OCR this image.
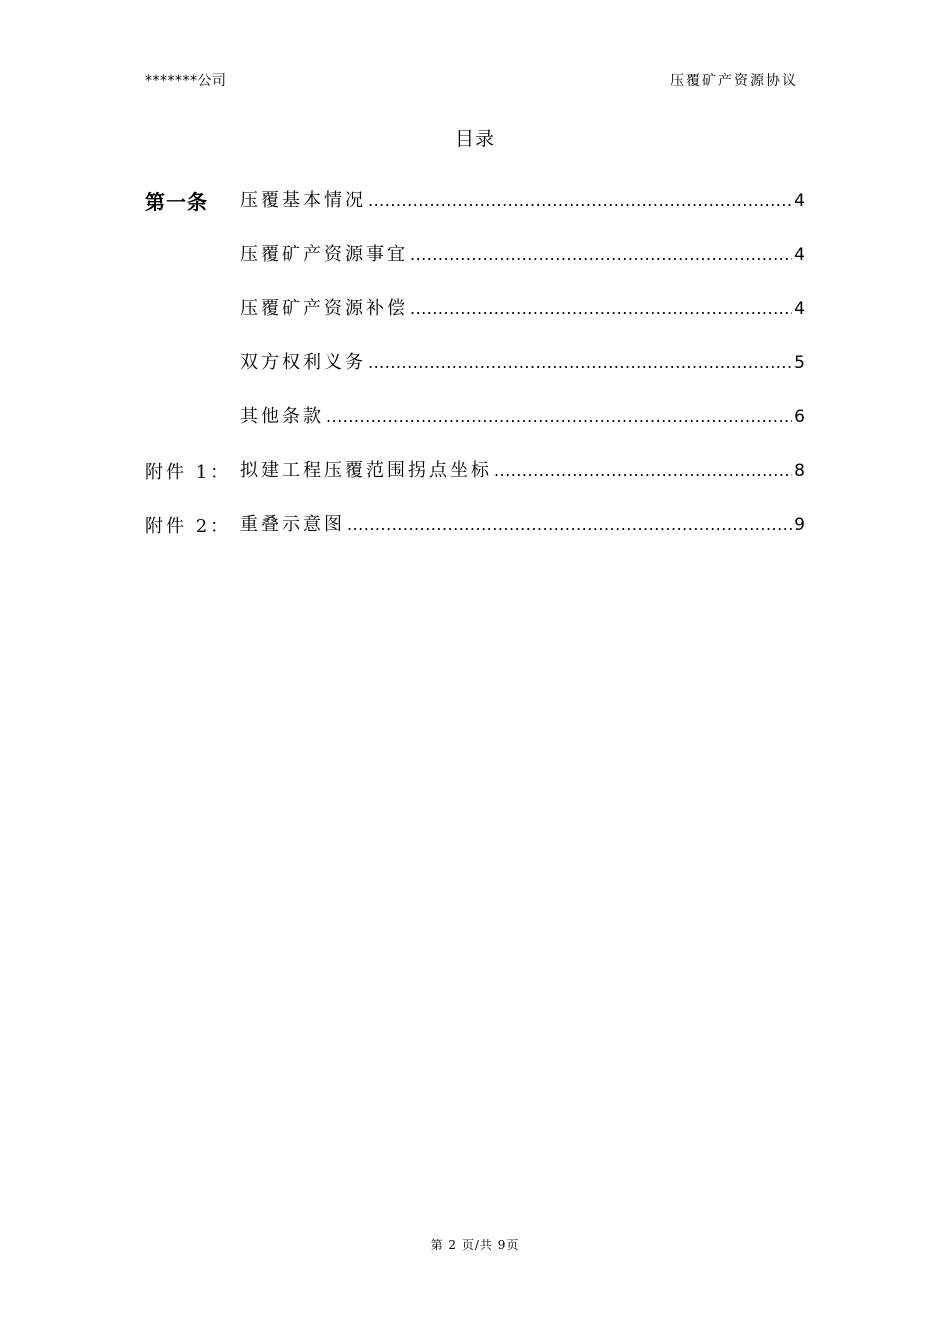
*******公司	压覆矿产资源协议
目录
第一条 压覆基本情况 .....	4
压覆矿产资源事宜 .....	4
压覆矿产资源补偿 .....	4
双方权利义务 .....	5
其他条款 .....	6
附件 1： 拟建工程压覆范围拐点坐标 .....	8
附件 2： 重叠示意图 .....	9
第 2 页/共 9页
